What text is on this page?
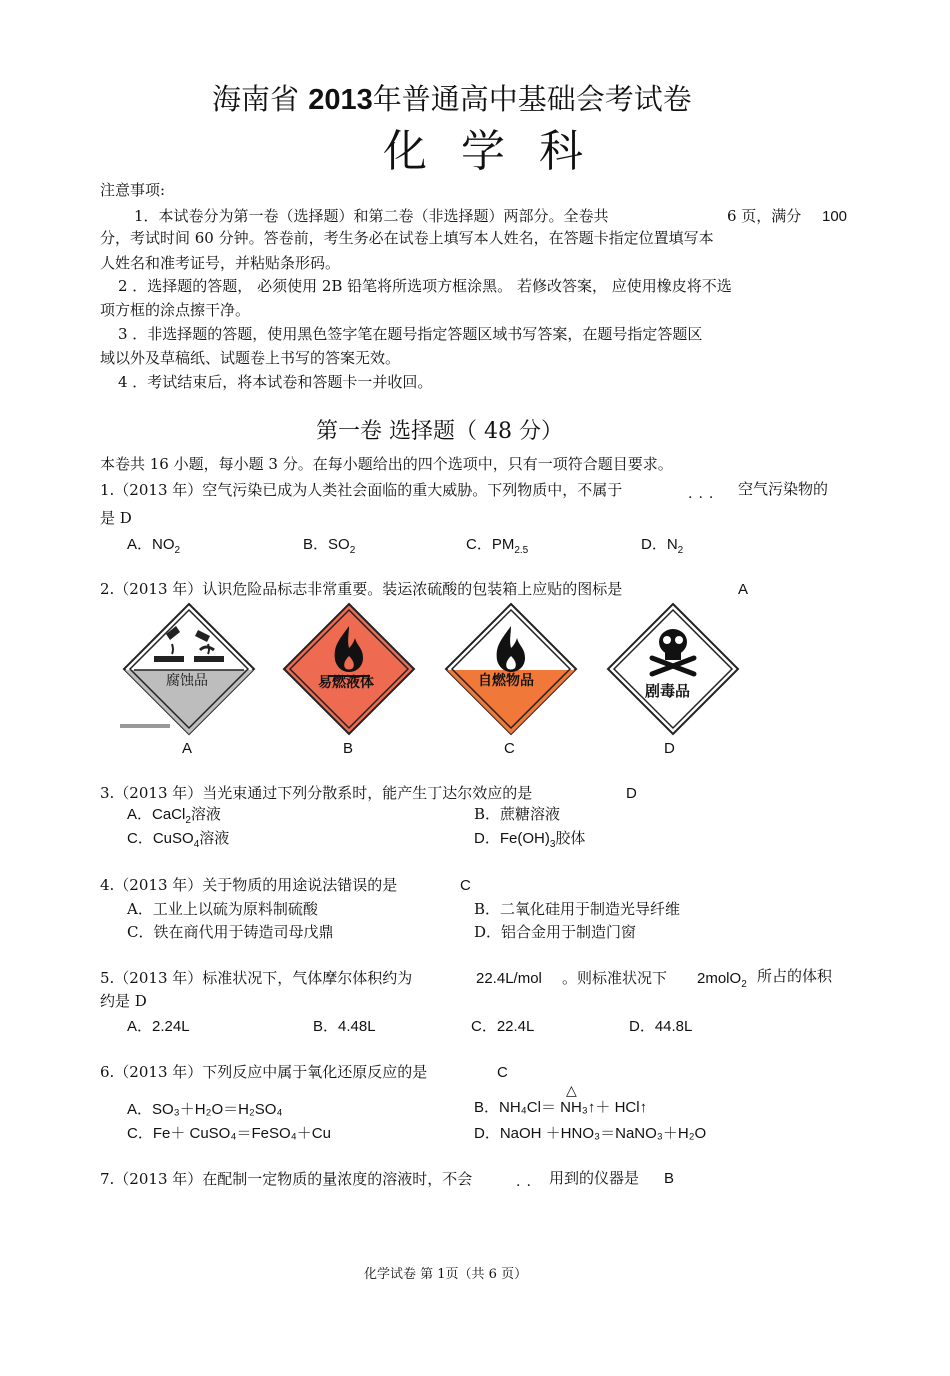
海南省 2013年普通高中基础会考试卷
化学科
注意事项:
1．本试卷分为第一卷（选择题）和第二卷（非选择题）两部分。全卷共	6 页，满分 100
分，考试时间 60 分钟。答卷前，考生务必在试卷上填写本人姓名，在答题卡指定位置填写本
人姓名和准考证号，并粘贴条形码。
2 ．选择题的答题， 必须使用 2B 铅笔将所选项方框涂黑。 若修改答案， 应使用橡皮将不选
项方框的涂点擦干净。
3 ．非选择题的答题，使用黑色签字笔在题号指定答题区域书写答案，在题号指定答题区
域以外及草稿纸、试题卷上书写的答案无效。
4 ．考试结束后，将本试卷和答题卡一并收回。
第一卷 选择题（ 48 分）
本卷共 16 小题，每小题 3 分。在每小题给出的四个选项中，只有一项符合题目要求。
1.（2013 年）空气污染已成为人类社会面临的重大威胁。下列物质中，不属于	... 空气污染物的
是 D
A．$NO_2$	B．$SO_2$	C．$PM_{2.5}$	D．$N_2$
2.（2013 年）认识危险品标志非常重要。装运浓硫酸的包装箱上应贴的图标是	A
腐蚀品	易燃液体	自燃物品
剧毒品
A	B	C	D
3.（2013 年）当光束通过下列分散系时，能产生丁达尔效应的是	D
A．CaCl$_2$溶液	B．蔗糖溶液
C．CuSO$_4$溶液	D．$Fe(OH)_3$胶体
4.（2013 年）关于物质的用途说法错误的是	C
A．工业上以硫为原料制硫酸	B．二氧化硅用于制造光导纤维
C．铁在商代用于铸造司母戊鼎	D．铝合金用于制造门窗
5.（2013 年）标准状况下，气体摩尔体积约为	22.4L/mol 。则标准状况下 2molO$_2$ 所占的体积
约是 D
A．2.24L	B．4.48L	C．22.4L	D．44.8L
6.（2013 年）下列反应中属于氧化还原反应的是	C
△
A．SO₃＋H₂O＝H₂SO₄	B．NH₄Cl＝ NH₃↑＋ HCl↑
C．Fe＋ CuSO₄＝FeSO₄＋Cu	D．NaOH ＋HNO₃＝NaNO₃＋H₂O
7.（2013 年）在配制一定物质的量浓度的溶液时，不会	.. 用到的仪器是 B
化学试卷 第 1页（共 6 页）
